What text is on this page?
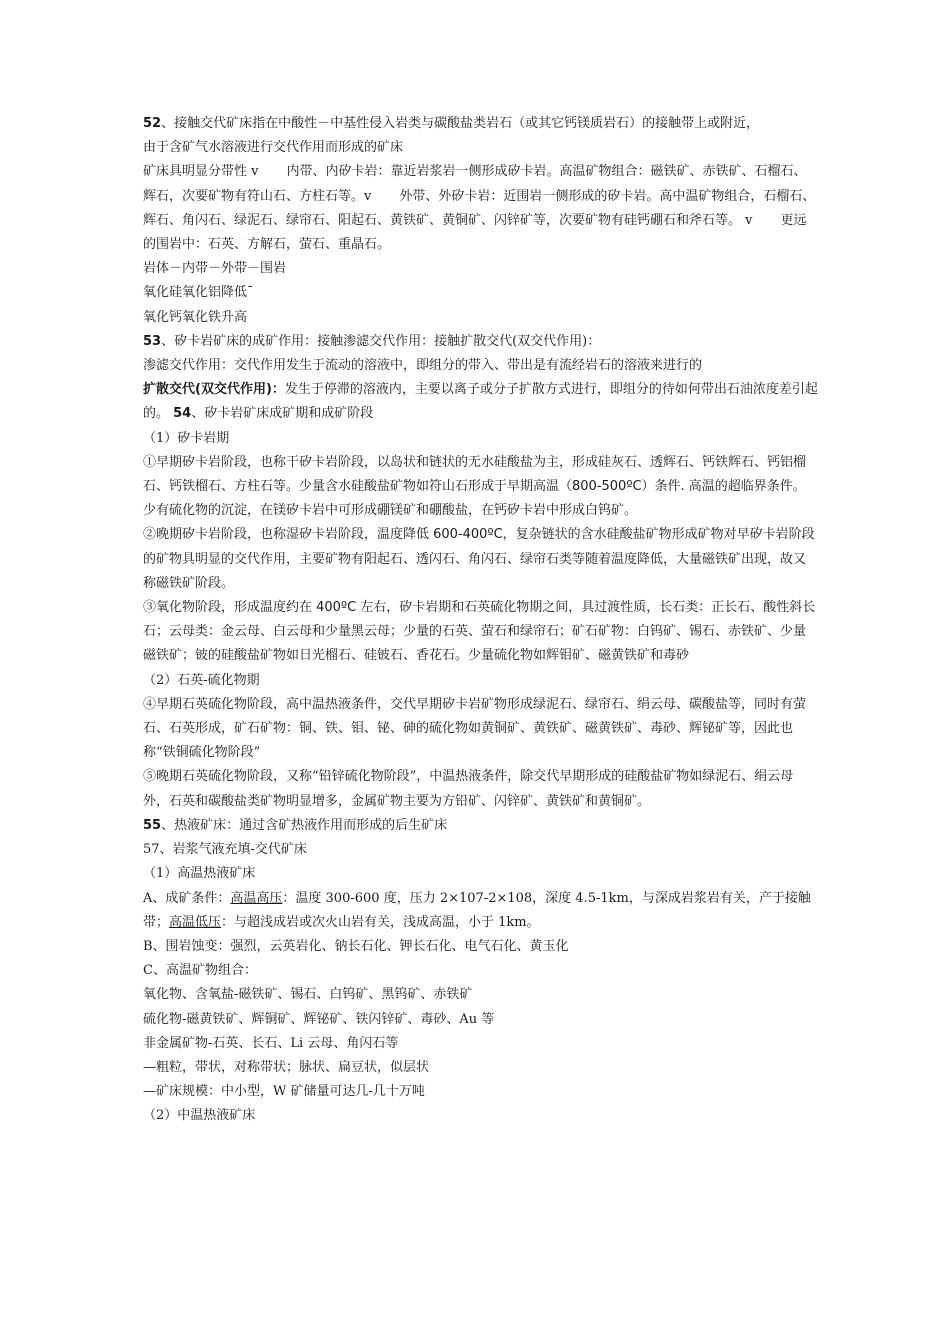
52、接触交代矿床指在中酸性－中基性侵入岩类与碳酸盐类岩石（或其它钙镁质岩石）的接触带上或附近，

由于含矿气水溶液进行交代作用而形成的矿床

矿床具明显分带性 v 内带、内矽卡岩：靠近岩浆岩一侧形成矽卡岩。高温矿物组合：磁铁矿、赤铁矿、石榴石、辉石，次要矿物有符山石、方柱石等。v 外带、外矽卡岩：近围岩一侧形成的矽卡岩。高中温矿物组合，石榴石、辉石、角闪石、绿泥石、绿帘石、阳起石、黄铁矿、黄铜矿、闪锌矿等，次要矿物有硅钙硼石和斧石等。 v 更远的围岩中：石英、方解石，萤石、重晶石。

岩体－内带－外带－围岩

氧化硅氧化铝降低¯

氧化钙氧化铁升高

53、矽卡岩矿床的成矿作用：接触渗滤交代作用：接触扩散交代(双交代作用)：

渗滤交代作用：交代作用发生于流动的溶液中，即组分的带入、带出是有流经岩石的溶液来进行的

扩散交代(双交代作用)：发生于停滞的溶液内，主要以离子或分子扩散方式进行，即组分的待如何带出石油浓度差引起的。 54、矽卡岩矿床成矿期和成矿阶段

（1）矽卡岩期

①早期矽卡岩阶段，也称干矽卡岩阶段，以岛状和链状的无水硅酸盐为主，形成硅灰石、透辉石、钙铁辉石、钙铝榴石、钙铁榴石、方柱石等。少量含水硅酸盐矿物如符山石形成于早期高温（800-500ºC）条件. 高温的超临界条件。少有硫化物的沉淀，在镁矽卡岩中可形成硼镁矿和硼酸盐，在钙矽卡岩中形成白钨矿。

②晚期矽卡岩阶段，也称湿矽卡岩阶段，温度降低 600-400ºC，复杂链状的含水硅酸盐矿物形成矿物对早矽卡岩阶段的矿物具明显的交代作用，主要矿物有阳起石、透闪石、角闪石、绿帘石类等随着温度降低，大量磁铁矿出现，故又称磁铁矿阶段。

③氧化物阶段，形成温度约在 400ºC 左右，矽卡岩期和石英硫化物期之间，具过渡性质，长石类：正长石、酸性斜长石；云母类：金云母、白云母和少量黑云母；少量的石英、萤石和绿帘石；矿石矿物：白钨矿、锡石、赤铁矿、少量磁铁矿；铍的硅酸盐矿物如日光榴石、硅铍石、香花石。少量硫化物如辉钼矿、磁黄铁矿和毒砂

（2）石英-硫化物期

④早期石英硫化物阶段，高中温热液条件，交代早期矽卡岩矿物形成绿泥石、绿帘石、绢云母、碳酸盐等，同时有萤石、石英形成，矿石矿物：铜、铁、钼、铋、砷的硫化物如黄铜矿、黄铁矿、磁黄铁矿、毒砂、辉铋矿等，因此也称“铁铜硫化物阶段”

⑤晚期石英硫化物阶段，又称“铅锌硫化物阶段”，中温热液条件，除交代早期形成的硅酸盐矿物如绿泥石、绢云母外，石英和碳酸盐类矿物明显增多，金属矿物主要为方铅矿、闪锌矿、黄铁矿和黄铜矿。

55、热液矿床：通过含矿热液作用而形成的后生矿床

57、岩浆气液充填-交代矿床

（1）高温热液矿床

A、成矿条件：高温高压：温度 300-600 度，压力 2×107-2×108，深度 4.5-1km，与深成岩浆岩有关，产于接触带；高温低压：与超浅成岩或次火山岩有关，浅成高温，小于 1km。

B、围岩蚀变：强烈，云英岩化、钠长石化、钾长石化、电气石化、黄玉化

C、高温矿物组合：

氧化物、含氧盐-磁铁矿、锡石、白钨矿、黑钨矿、赤铁矿

硫化物-磁黄铁矿、辉铜矿、辉铋矿、铁闪锌矿、毒砂、Au 等

非金属矿物-石英、长石、Li 云母、角闪石等

—粗粒，带状，对称带状；脉状、扁豆状，似层状

—矿床规模：中小型，W 矿储量可达几-几十万吨

（2）中温热液矿床
